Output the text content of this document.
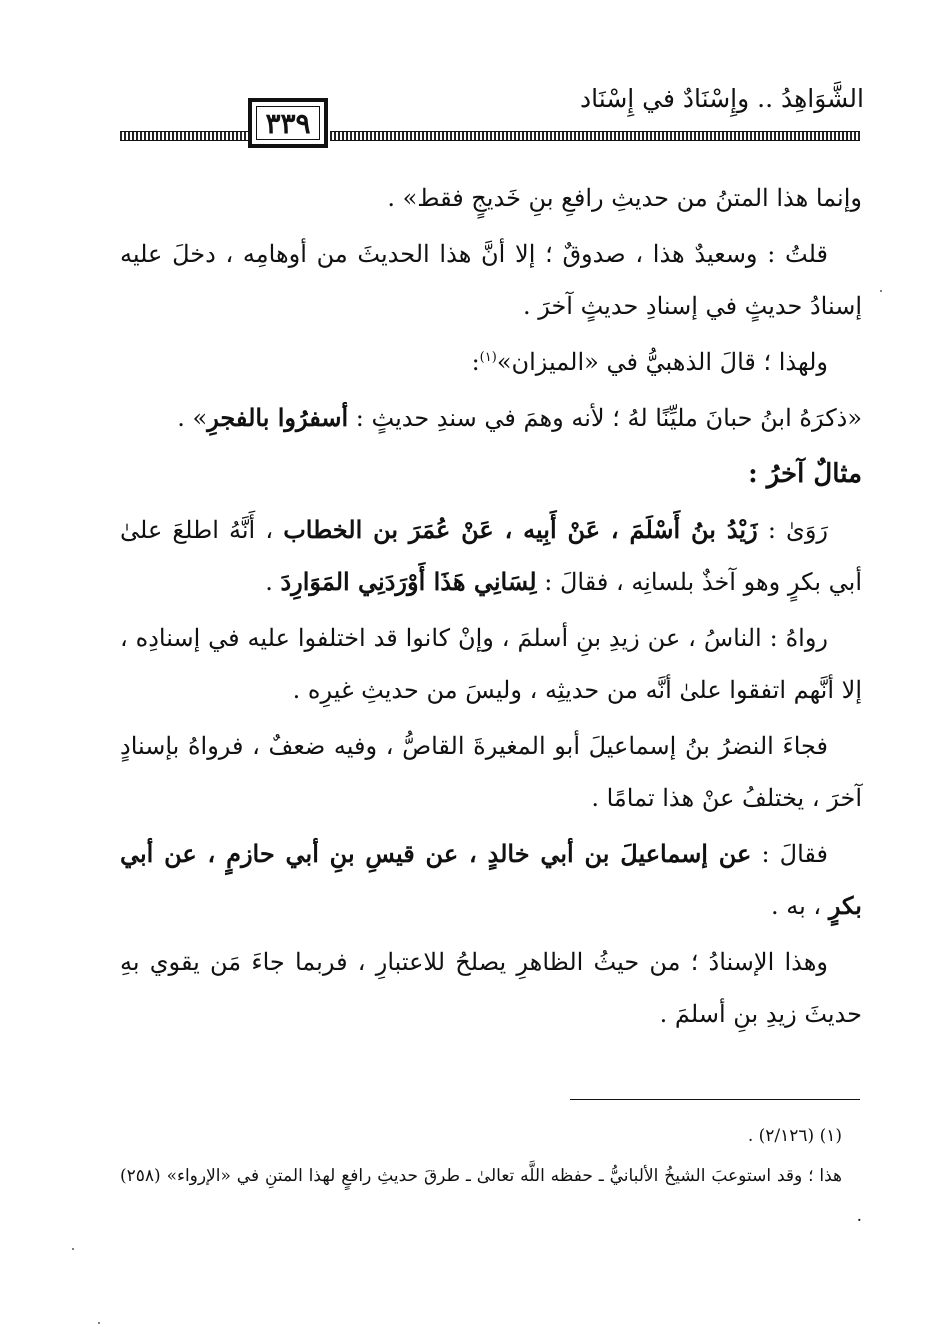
الشَّوَاهِدُ .. وإِسْنَادٌ في إِسْنَاد
٣٣٩

وإنما هذا المتنُ من حديثِ رافعِ بنِ خَديجٍ فقط» .

قلتُ : وسعيدٌ هذا ، صدوقٌ ؛ إلا أنَّ هذا الحديثَ من أوهامِه ، دخلَ عليه إسنادُ حديثٍ في إسنادِ حديثٍ آخرَ .

ولهذا ؛ قالَ الذهبيُّ في «الميزان»$^{(١)}$:

«ذكرَهُ ابنُ حبانَ مليِّنًا لهُ ؛ لأنه وهمَ في سندِ حديثٍ : أسفرُوا بالفجرِ» .

مثالٌ آخرُ :

رَوَىٰ : زَيْدُ بنُ أَسْلَمَ ، عَنْ أَبِيه ، عَنْ عُمَرَ بن الخطاب ، أَنَّهُ اطلعَ علىٰ أبي بكرٍ وهو آخذٌ بلسانِه ، فقالَ : لِسَانِي هَذَا أَوْرَدَنِي المَوَارِدَ .

رواهُ : الناسُ ، عن زيدِ بنِ أسلمَ ، وإنْ كانوا قد اختلفوا عليه في إسنادِه ، إلا أنَّهم اتفقوا علىٰ أنَّه من حديثِه ، وليسَ من حديثِ غيرِه .

فجاءَ النضرُ بنُ إسماعيلَ أبو المغيرةَ القاصُّ ، وفيه ضعفٌ ، فرواهُ بإسنادٍ آخرَ ، يختلفُ عنْ هذا تمامًا .

فقالَ : عن إسماعيلَ بن أبي خالدٍ ، عن قيسِ بنِ أبي حازمٍ ، عن أبي بكرٍ ، به .

وهذا الإسنادُ ؛ من حيثُ الظاهرِ يصلحُ للاعتبارِ ، فربما جاءَ مَن يقوي بهِ حديثَ زيدِ بنِ أسلمَ .

(١) (٢/١٢٦) .

هذا ؛ وقد استوعبَ الشيخُ الألبانيُّ ـ حفظه اللَّه تعالىٰ ـ طرقَ حديثِ رافعٍ لهذا المتنِ في «الإرواء» (٢٥٨) .
